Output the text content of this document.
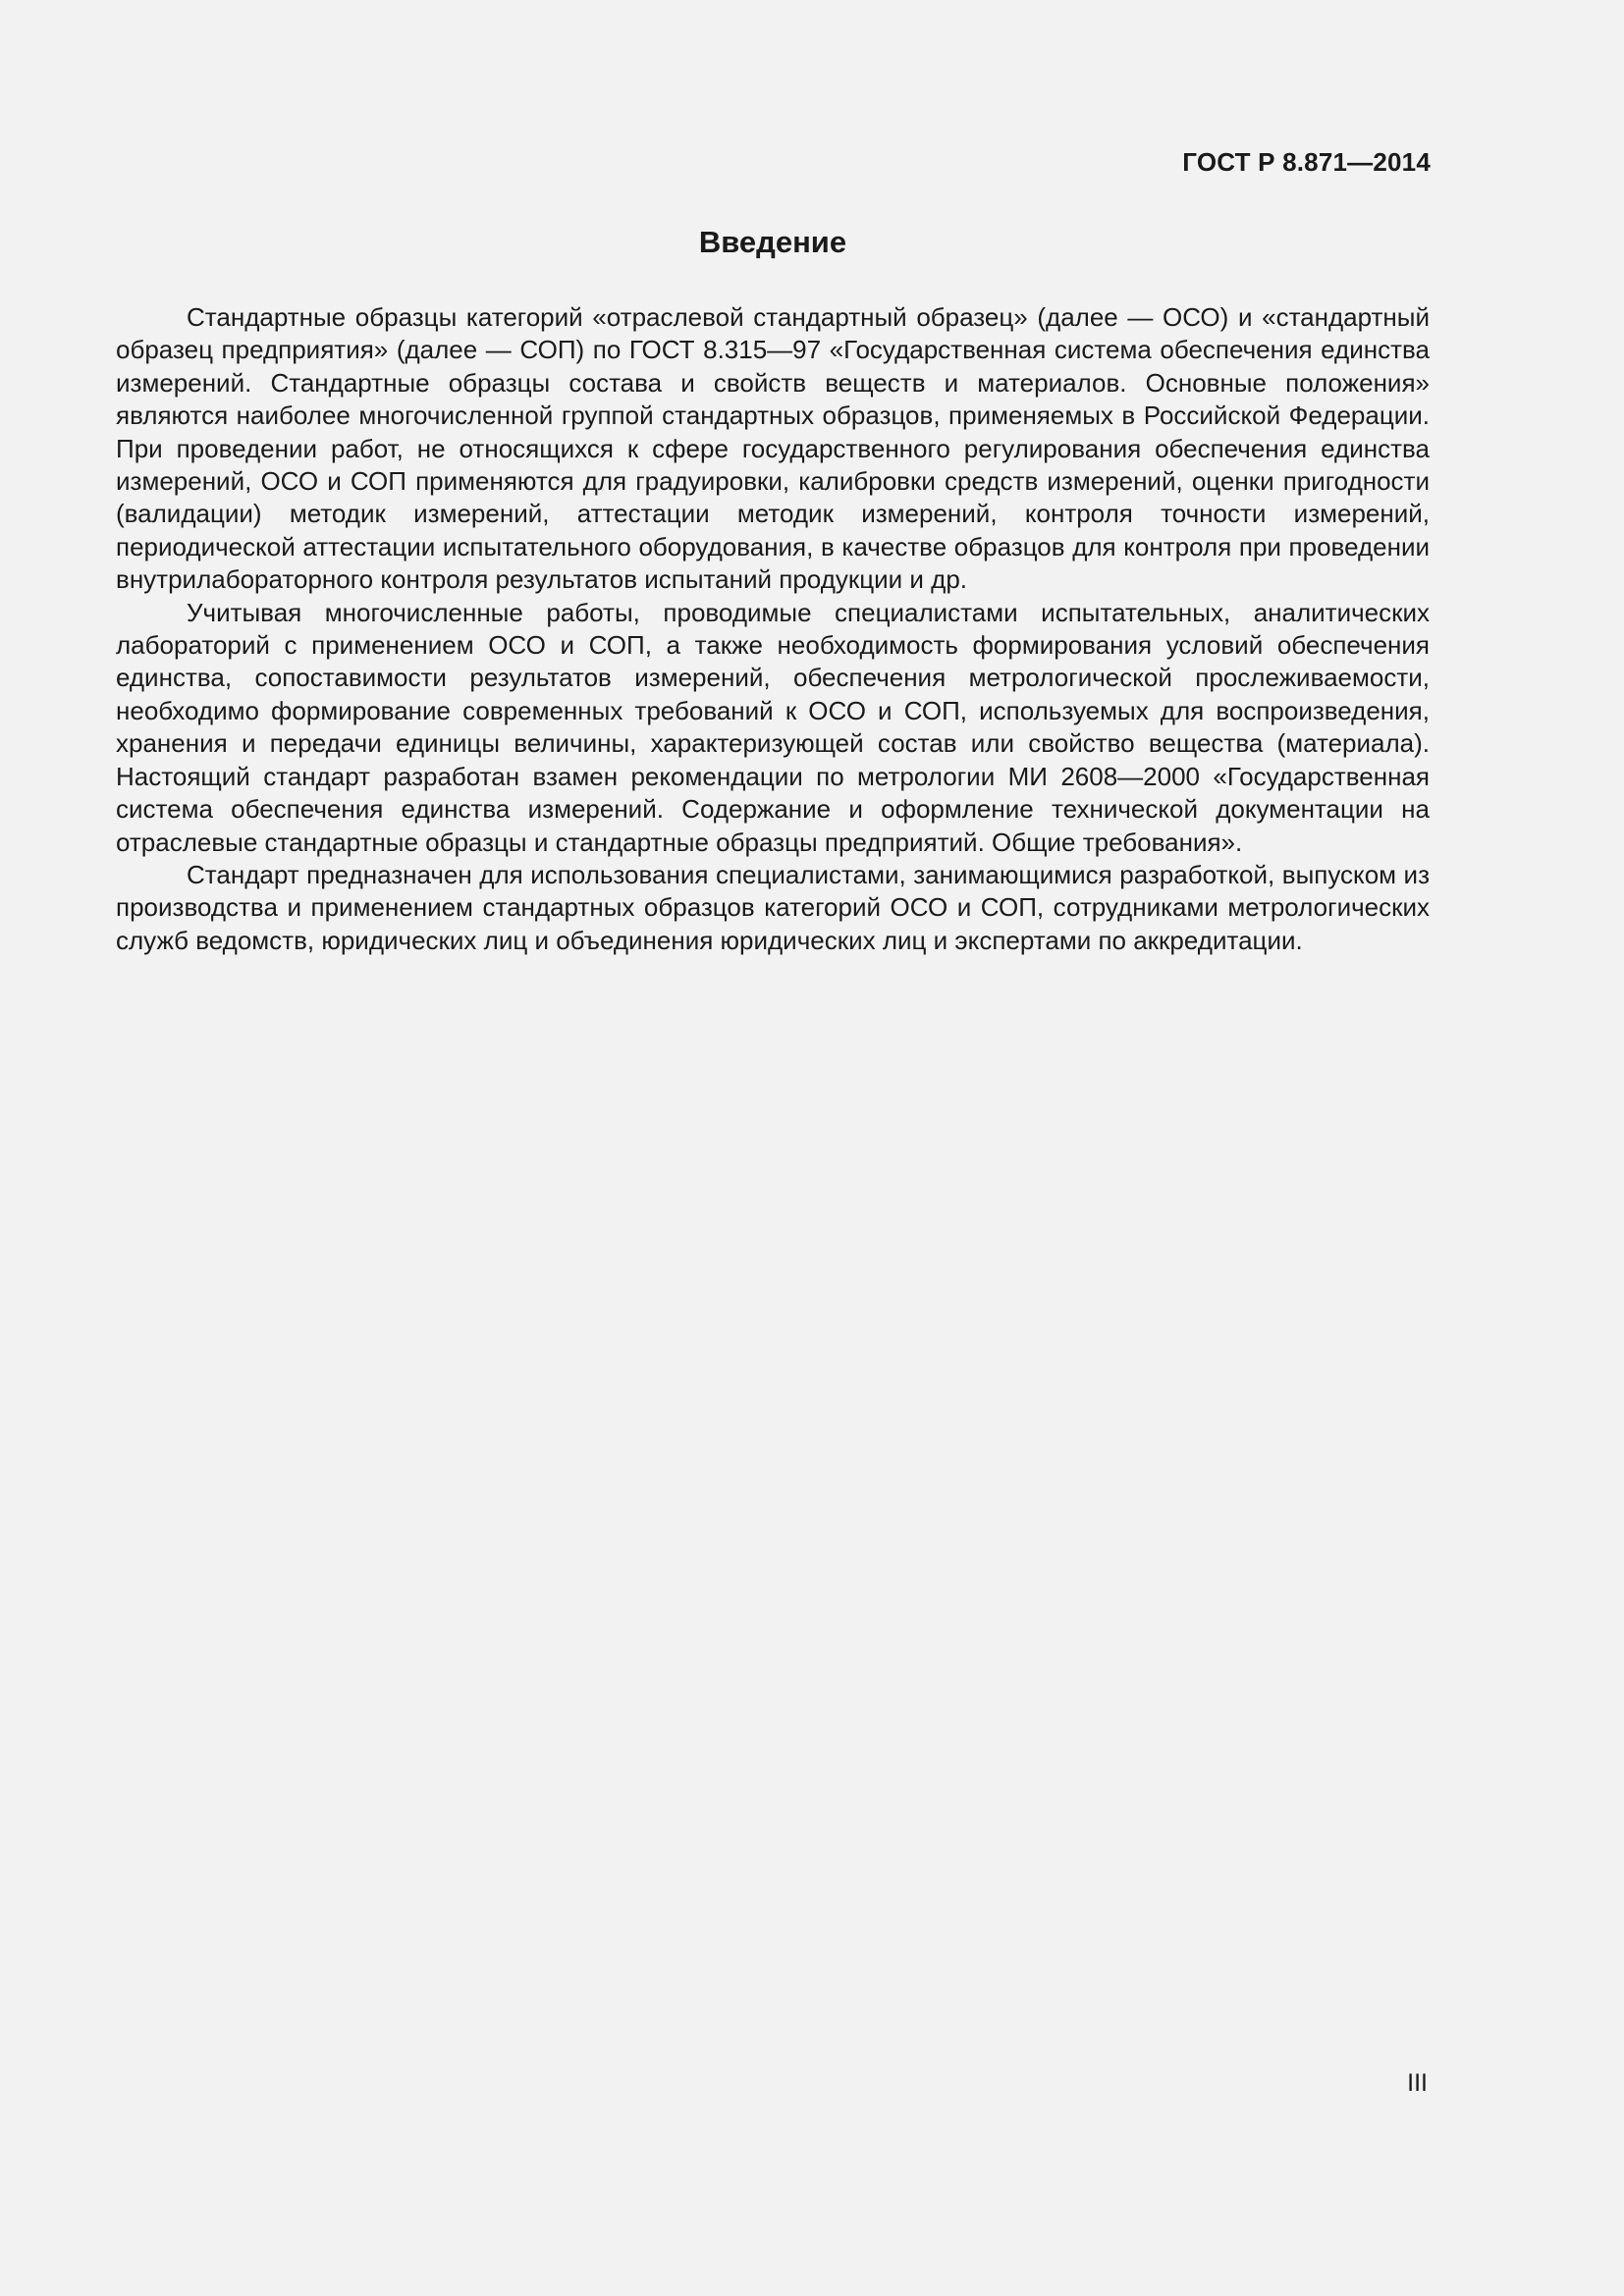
ГОСТ Р 8.871—2014
Введение

Стандартные образцы категорий «отраслевой стандартный образец» (далее — ОСО) и «стандартный образец предприятия» (далее — СОП) по ГОСТ 8.315—97 «Государственная система обеспечения единства измерений. Стандартные образцы состава и свойств веществ и материалов. Основные положения» являются наиболее многочисленной группой стандартных образцов, применяемых в Российской Федерации. При проведении работ, не относящихся к сфере государственного регулирования обеспечения единства измерений, ОСО и СОП применяются для градуировки, калибровки средств измерений, оценки пригодности (валидации) методик измерений, аттестации методик измерений, контроля точности измерений, периодической аттестации испытательного оборудования, в качестве образцов для контроля при проведении внутрилабораторного контроля результатов испытаний продукции и др.

Учитывая многочисленные работы, проводимые специалистами испытательных, аналитических лабораторий с применением ОСО и СОП, а также необходимость формирования условий обеспечения единства, сопоставимости результатов измерений, обеспечения метрологической прослеживаемости, необходимо формирование современных требований к ОСО и СОП, используемых для воспроизведения, хранения и передачи единицы величины, характеризующей состав или свойство вещества (материала). Настоящий стандарт разработан взамен рекомендации по метрологии МИ 2608—2000 «Государственная система обеспечения единства измерений. Содержание и оформление технической документации на отраслевые стандартные образцы и стандартные образцы предприятий. Общие требования».

Стандарт предназначен для использования специалистами, занимающимися разработкой, выпуском из производства и применением стандартных образцов категорий ОСО и СОП, сотрудниками метрологических служб ведомств, юридических лиц и объединения юридических лиц и экспертами по аккредитации.

III
